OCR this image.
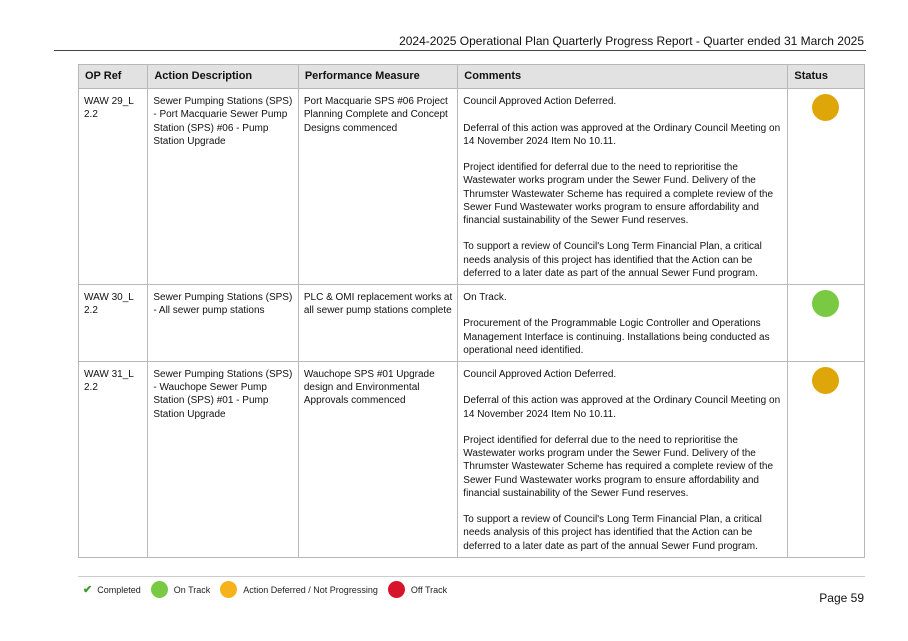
2024-2025 Operational Plan Quarterly Progress Report - Quarter ended 31 March 2025
OP Ref	Action Description	Performance Measure	Comments	Status
WAW 29_L 2.2	Sewer Pumping Stations (SPS) - Port Macquarie Sewer Pump Station (SPS) #06 - Pump Station Upgrade	Port Macquarie SPS #06 Project Planning Complete and Concept Designs commenced	Council Approved Action Deferred.

Deferral of this action was approved at the Ordinary Council Meeting on 14 November 2024 Item No 10.11.

Project identified for deferral due to the need to reprioritise the Wastewater works program under the Sewer Fund. Delivery of the Thrumster Wastewater Scheme has required a complete review of the Sewer Fund Wastewater works program to ensure affordability and financial sustainability of the Sewer Fund reserves.

To support a review of Council's Long Term Financial Plan, a critical needs analysis of this project has identified that the Action can be deferred to a later date as part of the annual Sewer Fund program.	

WAW 30_L 2.2	Sewer Pumping Stations (SPS) - All sewer pump stations	PLC & OMI replacement works at all sewer pump stations complete	On Track.

Procurement of the Programmable Logic Controller and Operations Management Interface is continuing. Installations being conducted as operational need identified.	

WAW 31_L 2.2	Sewer Pumping Stations (SPS) - Wauchope Sewer Pump Station (SPS) #01 - Pump Station Upgrade	Wauchope SPS #01 Upgrade design and Environmental Approvals commenced	Council Approved Action Deferred.

Deferral of this action was approved at the Ordinary Council Meeting on 14 November 2024 Item No 10.11.

Project identified for deferral due to the need to reprioritise the Wastewater works program under the Sewer Fund. Delivery of the Thrumster Wastewater Scheme has required a complete review of the Sewer Fund Wastewater works program to ensure affordability and financial sustainability of the Sewer Fund reserves.

To support a review of Council's Long Term Financial Plan, a critical needs analysis of this project has identified that the Action can be deferred to a later date as part of the annual Sewer Fund program.	

✔ Completed	On Track	Action Deferred / Not Progressing	Off Track
Page 59
